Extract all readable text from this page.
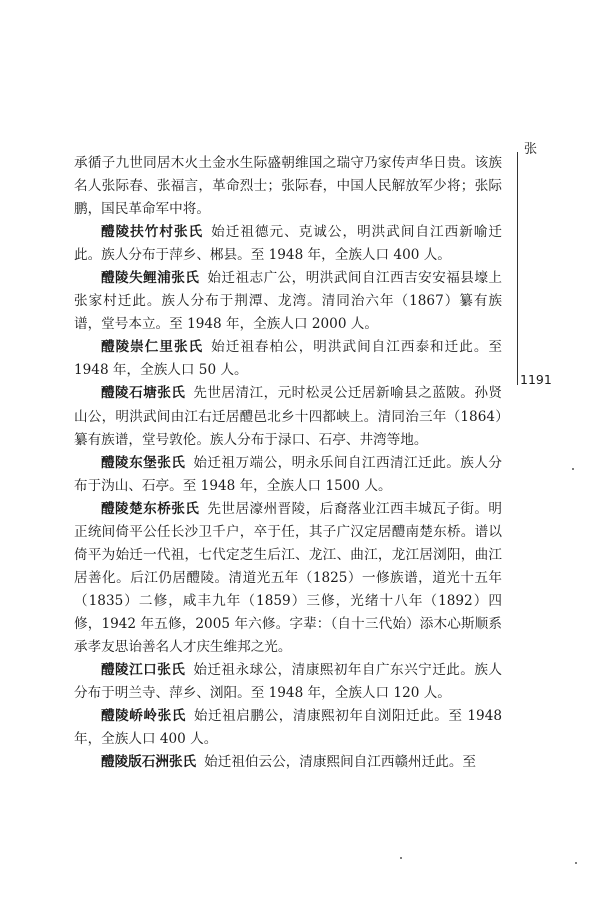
承循子九世同居木火土金水生际盛朝维国之瑞守乃家传声华日贵。该族名人张际春、张福言，革命烈士；张际春，中国人民解放军少将；张际鹏，国民革命军中将。

醴陵扶竹村张氏 始迁祖德元、克诚公，明洪武间自江西新喻迁此。族人分布于萍乡、郴县。至 1948 年，全族人口 400 人。

醴陵失鲤浦张氏 始迁祖志广公，明洪武间自江西吉安安福县壕上张家村迁此。族人分布于荆潭、龙湾。清同治六年（1867）纂有族谱，堂号本立。至 1948 年，全族人口 2000 人。

醴陵崇仁里张氏 始迁祖春柏公，明洪武间自江西泰和迁此。至 1948 年，全族人口 50 人。

醴陵石塘张氏 先世居清江，元时松灵公迁居新喻县之蓝陂。孙贤山公，明洪武间由江右迁居醴邑北乡十四都峡上。清同治三年（1864）纂有族谱，堂号敦伦。族人分布于渌口、石亭、井湾等地。

醴陵东堡张氏 始迁祖万端公，明永乐间自江西清江迁此。族人分布于沩山、石亭。至 1948 年，全族人口 1500 人。

醴陵楚东桥张氏 先世居濠州晋陵，后裔落业江西丰城瓦子街。明正统间倚平公任长沙卫千户，卒于任，其子广汉定居醴南楚东桥。谱以倚平为始迁一代祖，七代定芝生后江、龙江、曲江，龙江居浏阳，曲江居善化。后江仍居醴陵。清道光五年（1825）一修族谱，道光十五年（1835）二修，咸丰九年（1859）三修，光绪十八年（1892）四修，1942 年五修，2005 年六修。字辈：（自十三代始）添木心斯顺系承孝友思诒善名人才庆生维邦之光。

醴陵江口张氏 始迁祖永球公，清康熙初年自广东兴宁迁此。族人分布于明兰寺、萍乡、浏阳。至 1948 年，全族人口 120 人。

醴陵峤岭张氏 始迁祖启鹏公，清康熙初年自浏阳迁此。至 1948 年，全族人口 400 人。

醴陵版石洲张氏 始迁祖伯云公，清康熙间自江西赣州迁此。至

张
1191
